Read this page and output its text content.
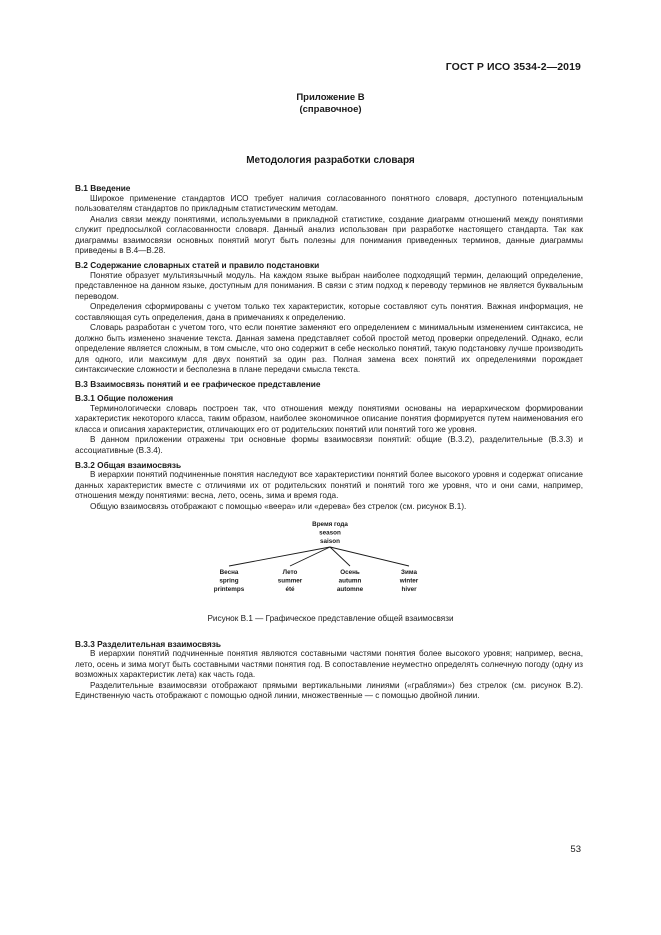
ГОСТ Р ИСО 3534-2—2019
Приложение В
(справочное)
Методология разработки словаря
В.1 Введение
Широкое применение стандартов ИСО требует наличия согласованного понятного словаря, доступного потенциальным пользователям стандартов по прикладным статистическим методам.
Анализ связи между понятиями, используемыми в прикладной статистике, создание диаграмм отношений между понятиями служит предпосылкой согласованности словаря. Данный анализ использован при разработке настоящего стандарта. Так как диаграммы взаимосвязи основных понятий могут быть полезны для понимания приведенных терминов, данные диаграммы приведены в В.4—В.28.
В.2 Содержание словарных статей и правило подстановки
Понятие образует мультиязычный модуль. На каждом языке выбран наиболее подходящий термин, делающий определение, представленное на данном языке, доступным для понимания. В связи с этим подход к переводу терминов не является буквальным переводом.
Определения сформированы с учетом только тех характеристик, которые составляют суть понятия. Важная информация, не составляющая суть определения, дана в примечаниях к определению.
Словарь разработан с учетом того, что если понятие заменяют его определением с минимальным изменением синтаксиса, не должно быть изменено значение текста. Данная замена представляет собой простой метод проверки определений. Однако, если определение является сложным, в том смысле, что оно содержит в себе несколько понятий, такую подстановку лучше производить для одного, или максимум для двух понятий за один раз. Полная замена всех понятий их определениями порождает синтаксические сложности и бесполезна в плане передачи смысла текста.
В.3 Взаимосвязь понятий и ее графическое представление
В.3.1 Общие положения
Терминологически словарь построен так, что отношения между понятиями основаны на иерархическом формировании характеристик некоторого класса, таким образом, наиболее экономичное описание понятия формируется путем наименования его класса и описания характеристик, отличающих его от родительских понятий или понятий того же уровня.
В данном приложении отражены три основные формы взаимосвязи понятий: общие (В.3.2), разделительные (В.3.3) и ассоциативные (В.3.4).
В.3.2 Общая взаимосвязь
В иерархии понятий подчиненные понятия наследуют все характеристики понятий более высокого уровня и содержат описание данных характеристик вместе с отличиями их от родительских понятий и понятий того же уровня, что и они сами, например, отношения между понятиями: весна, лето, осень, зима и время года.
Общую взаимосвязь отображают с помощью «веера» или «дерева» без стрелок (см. рисунок В.1).
Время года
season
saison
Весна
spring
printemps
Лето
summer
été
Осень
autumn
automne
Зима
winter
hiver
Рисунок В.1 — Графическое представление общей взаимосвязи
В.3.3 Разделительная взаимосвязь
В иерархии понятий подчиненные понятия являются составными частями понятия более высокого уровня; например, весна, лето, осень и зима могут быть составными частями понятия год. В сопоставление неуместно определять солнечную погоду (одну из возможных характеристик лета) как часть года.
Разделительные взаимосвязи отображают прямыми вертикальными линиями («граблями») без стрелок (см. рисунок В.2). Единственную часть отображают с помощью одной линии, множественные — с помощью двойной линии.
53
